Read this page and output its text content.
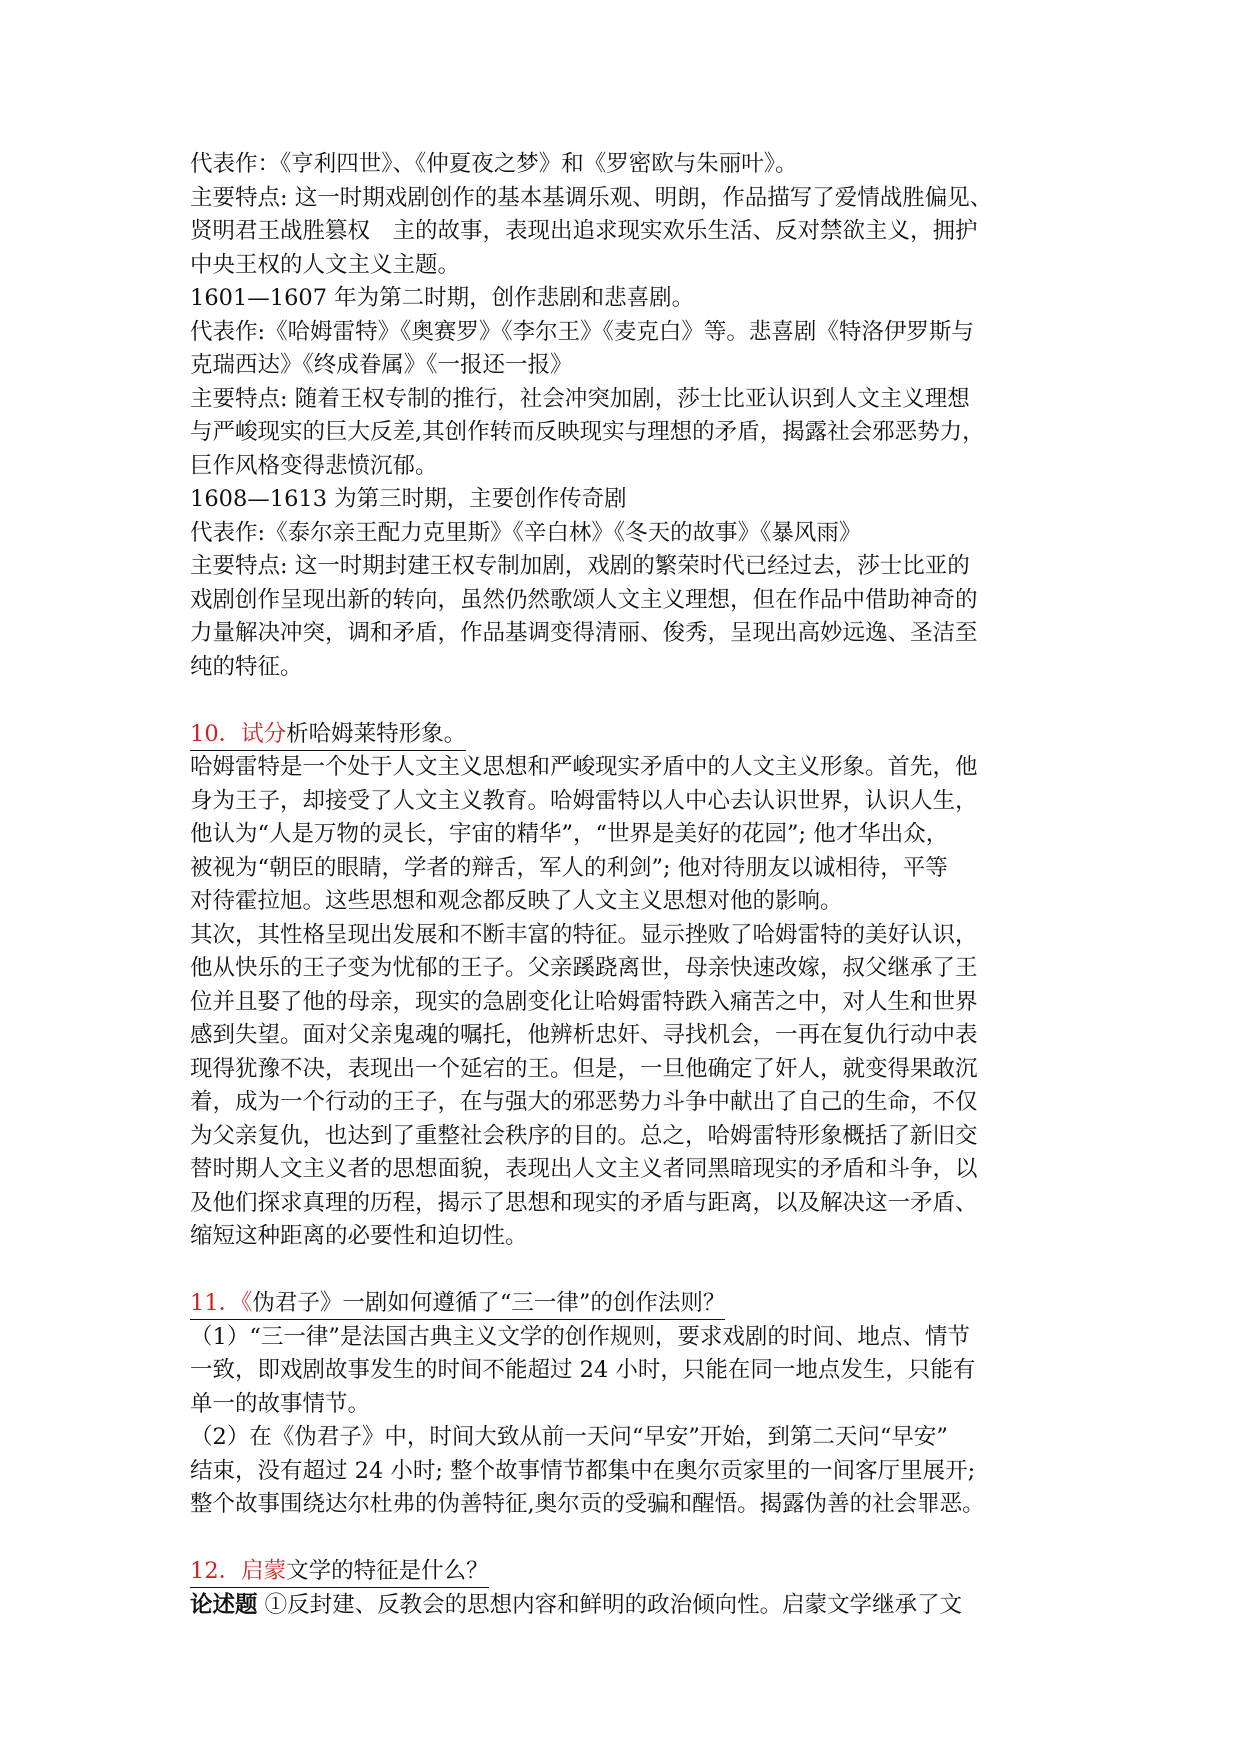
代表作：《亨利四世》、《仲夏夜之梦》和《罗密欧与朱丽叶》。
主要特点: 这一时期戏剧创作的基本基调乐观、明朗，作品描写了爱情战胜偏见、
贤明君王战胜篡权　主的故事，表现出追求现实欢乐生活、反对禁欲主义，拥护
中央王权的人文主义主题。
1601—1607 年为第二时期，创作悲剧和悲喜剧。
代表作:《哈姆雷特》《奥赛罗》《李尔王》《麦克白》等。悲喜剧《特洛伊罗斯与
克瑞西达》《终成眷属》《一报还一报》
主要特点: 随着王权专制的推行，社会冲突加剧，莎士比亚认识到人文主义理想
与严峻现实的巨大反差,其创作转而反映现实与理想的矛盾，揭露社会邪恶势力，
巨作风格变得悲愤沉郁。
1608—1613 为第三时期，主要创作传奇剧
代表作:《泰尔亲王配力克里斯》《辛白林》《冬天的故事》《暴风雨》
主要特点: 这一时期封建王权专制加剧，戏剧的繁荣时代已经过去，莎士比亚的
戏剧创作呈现出新的转向，虽然仍然歌颂人文主义理想，但在作品中借助神奇的
力量解决冲突，调和矛盾，作品基调变得清丽、俊秀，呈现出高妙远逸、圣洁至
纯的特征。
10．试分析哈姆莱特形象。
哈姆雷特是一个处于人文主义思想和严峻现实矛盾中的人文主义形象。首先，他
身为王子，却接受了人文主义教育。哈姆雷特以人中心去认识世界，认识人生，
他认为“人是万物的灵长，宇宙的精华”，“世界是美好的花园”; 他才华出众，
被视为“朝臣的眼睛，学者的辩舌，军人的利剑”; 他对待朋友以诚相待，平等
对待霍拉旭。这些思想和观念都反映了人文主义思想对他的影响。
其次，其性格呈现出发展和不断丰富的特征。显示挫败了哈姆雷特的美好认识，
他从快乐的王子变为忧郁的王子。父亲蹊跷离世，母亲快速改嫁，叔父继承了王
位并且娶了他的母亲，现实的急剧变化让哈姆雷特跌入痛苦之中，对人生和世界
感到失望。面对父亲鬼魂的嘱托，他辨析忠奸、寻找机会，一再在复仇行动中表
现得犹豫不决，表现出一个延宕的王。但是，一旦他确定了奸人，就变得果敢沉
着，成为一个行动的王子，在与强大的邪恶势力斗争中献出了自己的生命，不仅
为父亲复仇，也达到了重整社会秩序的目的。总之，哈姆雷特形象概括了新旧交
替时期人文主义者的思想面貌，表现出人文主义者同黑暗现实的矛盾和斗争，以
及他们探求真理的历程，揭示了思想和现实的矛盾与距离，以及解决这一矛盾、
缩短这种距离的必要性和迫切性。
11．《伪君子》一剧如何遵循了“三一律”的创作法则？
（1）“三一律”是法国古典主义文学的创作规则，要求戏剧的时间、地点、情节
一致，即戏剧故事发生的时间不能超过 24 小时，只能在同一地点发生，只能有
单一的故事情节。
（2）在《伪君子》中，时间大致从前一天问“早安”开始，到第二天问“早安”
结束，没有超过 24 小时; 整个故事情节都集中在奥尔贡家里的一间客厅里展开;
整个故事围绕达尔杜弗的伪善特征,奥尔贡的受骗和醒悟。揭露伪善的社会罪恶。
12．启蒙文学的特征是什么？
论述题 ①反封建、反教会的思想内容和鲜明的政治倾向性。启蒙文学继承了文
